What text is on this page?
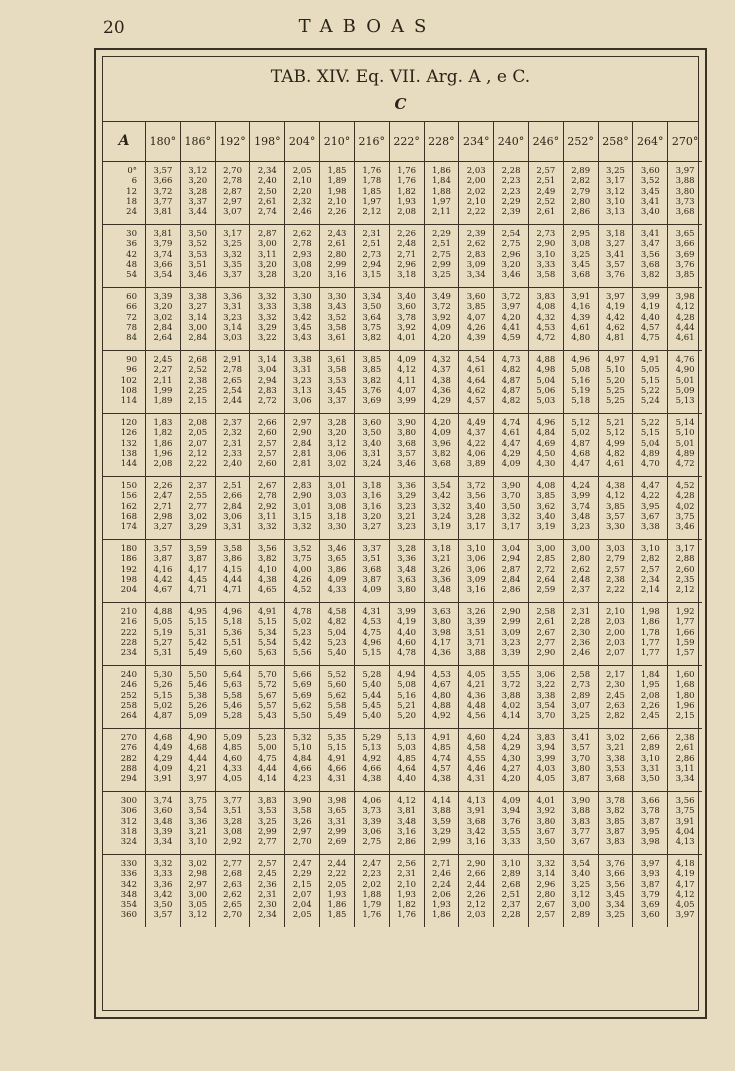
20	TABOAS
TAB. XIV. Eq. VII. Arg. A , e C.
C
A	180° 186° 192° 198° 204° 210° 216° 222° 228° 234° 240° 246° 252° 258° 264° 270°
0°
6
12
18
24
3,57
3,66
3,72
3,77
3,81
3,12
3,20
3,28
3,37
3,44
2,70
2,78
2,87
2,97
3,07
2,34
2,40
2,50
2,61
2,74
2,05
2,10
2,20
2,32
2,46
1,85
1,89
1,98
2,10
2,26
1,76
1,78
1,85
1,97
2,12
1,76
1,76
1,82
1,93
2,08
1,86
1,84
1,88
1,97
2,11
2,03
2,00
2,02
2,10
2,22
2,28
2,23
2,23
2,29
2,39
2,57
2,51
2,49
2,52
2,61
2,89
2,82
2,79
2,80
2,86
3,25
3,17
3,12
3,10
3,13
3,60
3,52
3,45
3,41
3,40
3,97
3,88
3,80
3,73
3,68
30
36
42
48
54
3,81
3,79
3,74
3,66
3,54
3,50
3,52
3,53
3,51
3,46
3,17
3,25
3,32
3,35
3,37
2,87
3,00
3,11
3,20
3,28
2,62
2,78
2,93
3,08
3,20
2,43
2,61
2,80
2,99
3,16
2,31
2,51
2,73
2,94
3,15
2,26
2,48
2,71
2,96
3,18
2,29
2,51
2,75
2,99
3,25
2,39
2,62
2,83
3,09
3,34
2,54
2,75
2,96
3,20
3,46
2,73
2,90
3,10
3,33
3,58
2,95
3,08
3,25
3,45
3,68
3,18
3,27
3,41
3,57
3,76
3,41
3,47
3,56
3,68
3,82
3,65
3,66
3,69
3,76
3,85
60
66
72
78
84
3,39
3,20
3,02
2,84
2,64
3,38
3,27
3,14
3,00
2,84
3,36
3,31
3,23
3,14
3,03
3,32
3,33
3,32
3,29
3,22
3,30
3,38
3,42
3,45
3,43
3,30
3,43
3,52
3,58
3,61
3,34
3,50
3,64
3,75
3,82
3,40
3,60
3,78
3,92
4,01
3,49
3,72
3,92
4,09
4,20
3,60
3,85
4,07
4,26
4,39
3,72
3,97
4,20
4,41
4,59
3,83
4,08
4,32
4,53
4,72
3,91
4,16
4,39
4,61
4,80
3,97
4,19
4,42
4,62
4,81
3,99
4,19
4,40
4,57
4,75
3,98
4,12
4,28
4,44
4,61
90
96
102
108
114
2,45
2,27
2,11
1,99
1,89
2,68
2,52
2,38
2,25
2,15
2,91
2,78
2,65
2,54
2,44
3,14
3,04
2,94
2,83
2,72
3,38
3,31
3,23
3,13
3,06
3,61
3,58
3,53
3,45
3,37
3,85
3,85
3,82
3,76
3,69
4,09
4,12
4,11
4,07
3,99
4,32
4,37
4,38
4,36
4,29
4,54
4,61
4,64
4,62
4,57
4,73
4,82
4,87
4,87
4,82
4,88
4,98
5,04
5,06
5,03
4,96
5,08
5,16
5,19
5,18
4,97
5,10
5,20
5,25
5,25
4,91
5,05
5,15
5,22
5,24
4,76
4,90
5,01
5,09
5,13
120
126
132
138
144
1,83
1,82
1,86
1,96
2,08
2,08
2,05
2,07
2,12
2,22
2,37
2,32
2,31
2,33
2,40
2,66
2,60
2,57
2,57
2,60
2,97
2,90
2,84
2,81
2,81
3,28
3,20
3,12
3,06
3,02
3,60
3,50
3,40
3,31
3,24
3,90
3,80
3,68
3,57
3,46
4,20
4,09
3,96
3,82
3,68
4,49
4,37
4,22
4,06
3,89
4,74
4,61
4,47
4,29
4,09
4,96
4,84
4,69
4,50
4,30
5,12
5,02
4,87
4,68
4,47
5,21
5,12
4,99
4,82
4,61
5,22
5,15
5,04
4,89
4,70
5,14
5,10
5,01
4,89
4,72
150
156
162
168
174
2,26
2,47
2,71
2,98
3,27
2,37
2,55
2,77
3,02
3,29
2,51
2,66
2,84
3,06
3,31
2,67
2,78
2,92
3,11
3,32
2,83
2,90
3,01
3,15
3,32
3,01
3,03
3,08
3,18
3,30
3,18
3,16
3,16
3,20
3,27
3,36
3,29
3,23
3,21
3,23
3,54
3,42
3,32
3,24
3,19
3,72
3,56
3,40
3,28
3,17
3,90
3,70
3,50
3,32
3,17
4,08
3,85
3,62
3,40
3,19
4,24
3,99
3,74
3,48
3,23
4,38
4,12
3,85
3,57
3,30
4,47
4,22
3,95
3,67
3,38
4,52
4,28
4,02
3,75
3,46
180
186
192
198
204
3,57
3,87
4,16
4,42
4,67
3,59
3,87
4,17
4,45
4,71
3,58
3,86
4,15
4,44
4,71
3,56
3,82
4,10
4,38
4,65
3,52
3,75
4,00
4,26
4,52
3,46
3,65
3,86
4,09
4,33
3,37
3,51
3,68
3,87
4,09
3,28
3,36
3,48
3,63
3,80
3,18
3,21
3,26
3,36
3,48
3,10
3,06
3,06
3,09
3,16
3,04
2,94
2,87
2,84
2,86
3,00
2,85
2,72
2,64
2,59
3,00
2,80
2,62
2,48
2,37
3,03
2,79
2,57
2,38
2,22
3,10
2,82
2,57
2,34
2,14
3,17
2,88
2,60
2,35
2,12
210
216
222
228
234
4,88
5,05
5,19
5,27
5,31
4,95
5,15
5,31
5,42
5,49
4,96
5,18
5,36
5,51
5,60
4,91
5,15
5,34
5,54
5,63
4,78
5,02
5,23
5,42
5,56
4,58
4,82
5,04
5,23
5,40
4,31
4,53
4,75
4,96
5,15
3,99
4,19
4,40
4,60
4,78
3,63
3,80
3,98
4,17
4,36
3,26
3,39
3,51
3,71
3,88
2,90
2,99
3,09
3,23
3,39
2,58
2,61
2,67
2,77
2,90
2,31
2,28
2,30
2,36
2,46
2,10
2,03
2,00
2,03
2,07
1,98
1,86
1,78
1,77
1,77
1,92
1,77
1,66
1,59
1,57
240
246
252
258
264
5,30
5,26
5,15
5,02
4,87
5,50
5,46
5,38
5,26
5,09
5,64
5,63
5,58
5,46
5,28
5,70
5,72
5,67
5,57
5,43
5,66
5,69
5,69
5,62
5,50
5,52
5,60
5,62
5,58
5,49
5,28
5,40
5,44
5,45
5,40
4,94
5,08
5,16
5,21
5,20
4,53
4,67
4,80
4,88
4,92
4,05
4,21
4,36
4,48
4,56
3,55
3,72
3,88
4,02
4,14
3,06
3,22
3,38
3,54
3,70
2,58
2,73
2,89
3,07
3,25
2,17
2,30
2,45
2,63
2,82
1,84
1,95
2,08
2,26
2,45
1,60
1,68
1,80
1,96
2,15
270
276
282
288
294
4,68
4,49
4,29
4,09
3,91
4,90
4,68
4,44
4,21
3,97
5,09
4,85
4,60
4,33
4,05
5,23
5,00
4,75
4,44
4,14
5,32
5,10
4,84
4,66
4,23
5,35
5,15
4,91
4,66
4,31
5,29
5,13
4,92
4,66
4,38
5,13
5,03
4,85
4,64
4,40
4,91
4,85
4,74
4,57
4,38
4,60
4,58
4,55
4,46
4,31
4,24
4,29
4,30
4,27
4,20
3,83
3,94
3,99
4,03
4,05
3,41
3,57
3,70
3,80
3,87
3,02
3,21
3,38
3,53
3,68
2,66
2,89
3,10
3,31
3,50
2,38
2,61
2,86
3,11
3,34
300
306
312
318
324
3,74
3,60
3,48
3,39
3,34
3,75
3,54
3,36
3,21
3,10
3,77
3,51
3,28
3,08
2,92
3,83
3,53
3,25
2,99
2,77
3,90
3,58
3,26
2,97
2,70
3,98
3,65
3,31
2,99
2,69
4,06
3,73
3,39
3,06
2,75
4,12
3,81
3,48
3,16
2,86
4,14
3,88
3,59
3,29
2,99
4,13
3,91
3,68
3,42
3,16
4,09
3,94
3,76
3,55
3,33
4,01
3,92
3,80
3,67
3,50
3,90
3,88
3,83
3,77
3,67
3,78
3,82
3,85
3,87
3,83
3,66
3,78
3,87
3,95
3,98
3,56
3,75
3,91
4,04
4,13
330
336
342
348
354
360
3,32
3,33
3,36
3,42
3,50
3,57
3,02
2,98
2,97
3,00
3,05
3,12
2,77
2,68
2,63
2,62
2,65
2,70
2,57
2,45
2,36
2,31
2,30
2,34
2,47
2,29
2,15
2,07
2,04
2,05
2,44
2,22
2,05
1,93
1,86
1,85
2,47
2,23
2,02
1,88
1,79
1,76
2,56
2,31
2,10
1,93
1,82
1,76
2,71
2,46
2,24
2,06
1,93
1,86
2,90
2,66
2,44
2,26
2,12
2,03
3,10
2,89
2,68
2,51
2,37
2,28
3,32
3,14
2,96
2,80
2,67
2,57
3,54
3,40
3,25
3,12
3,00
2,89
3,76
3,66
3,56
3,45
3,34
3,25
3,97
3,93
3,87
3,79
3,69
3,60
4,18
4,19
4,17
4,12
4,05
3,97
